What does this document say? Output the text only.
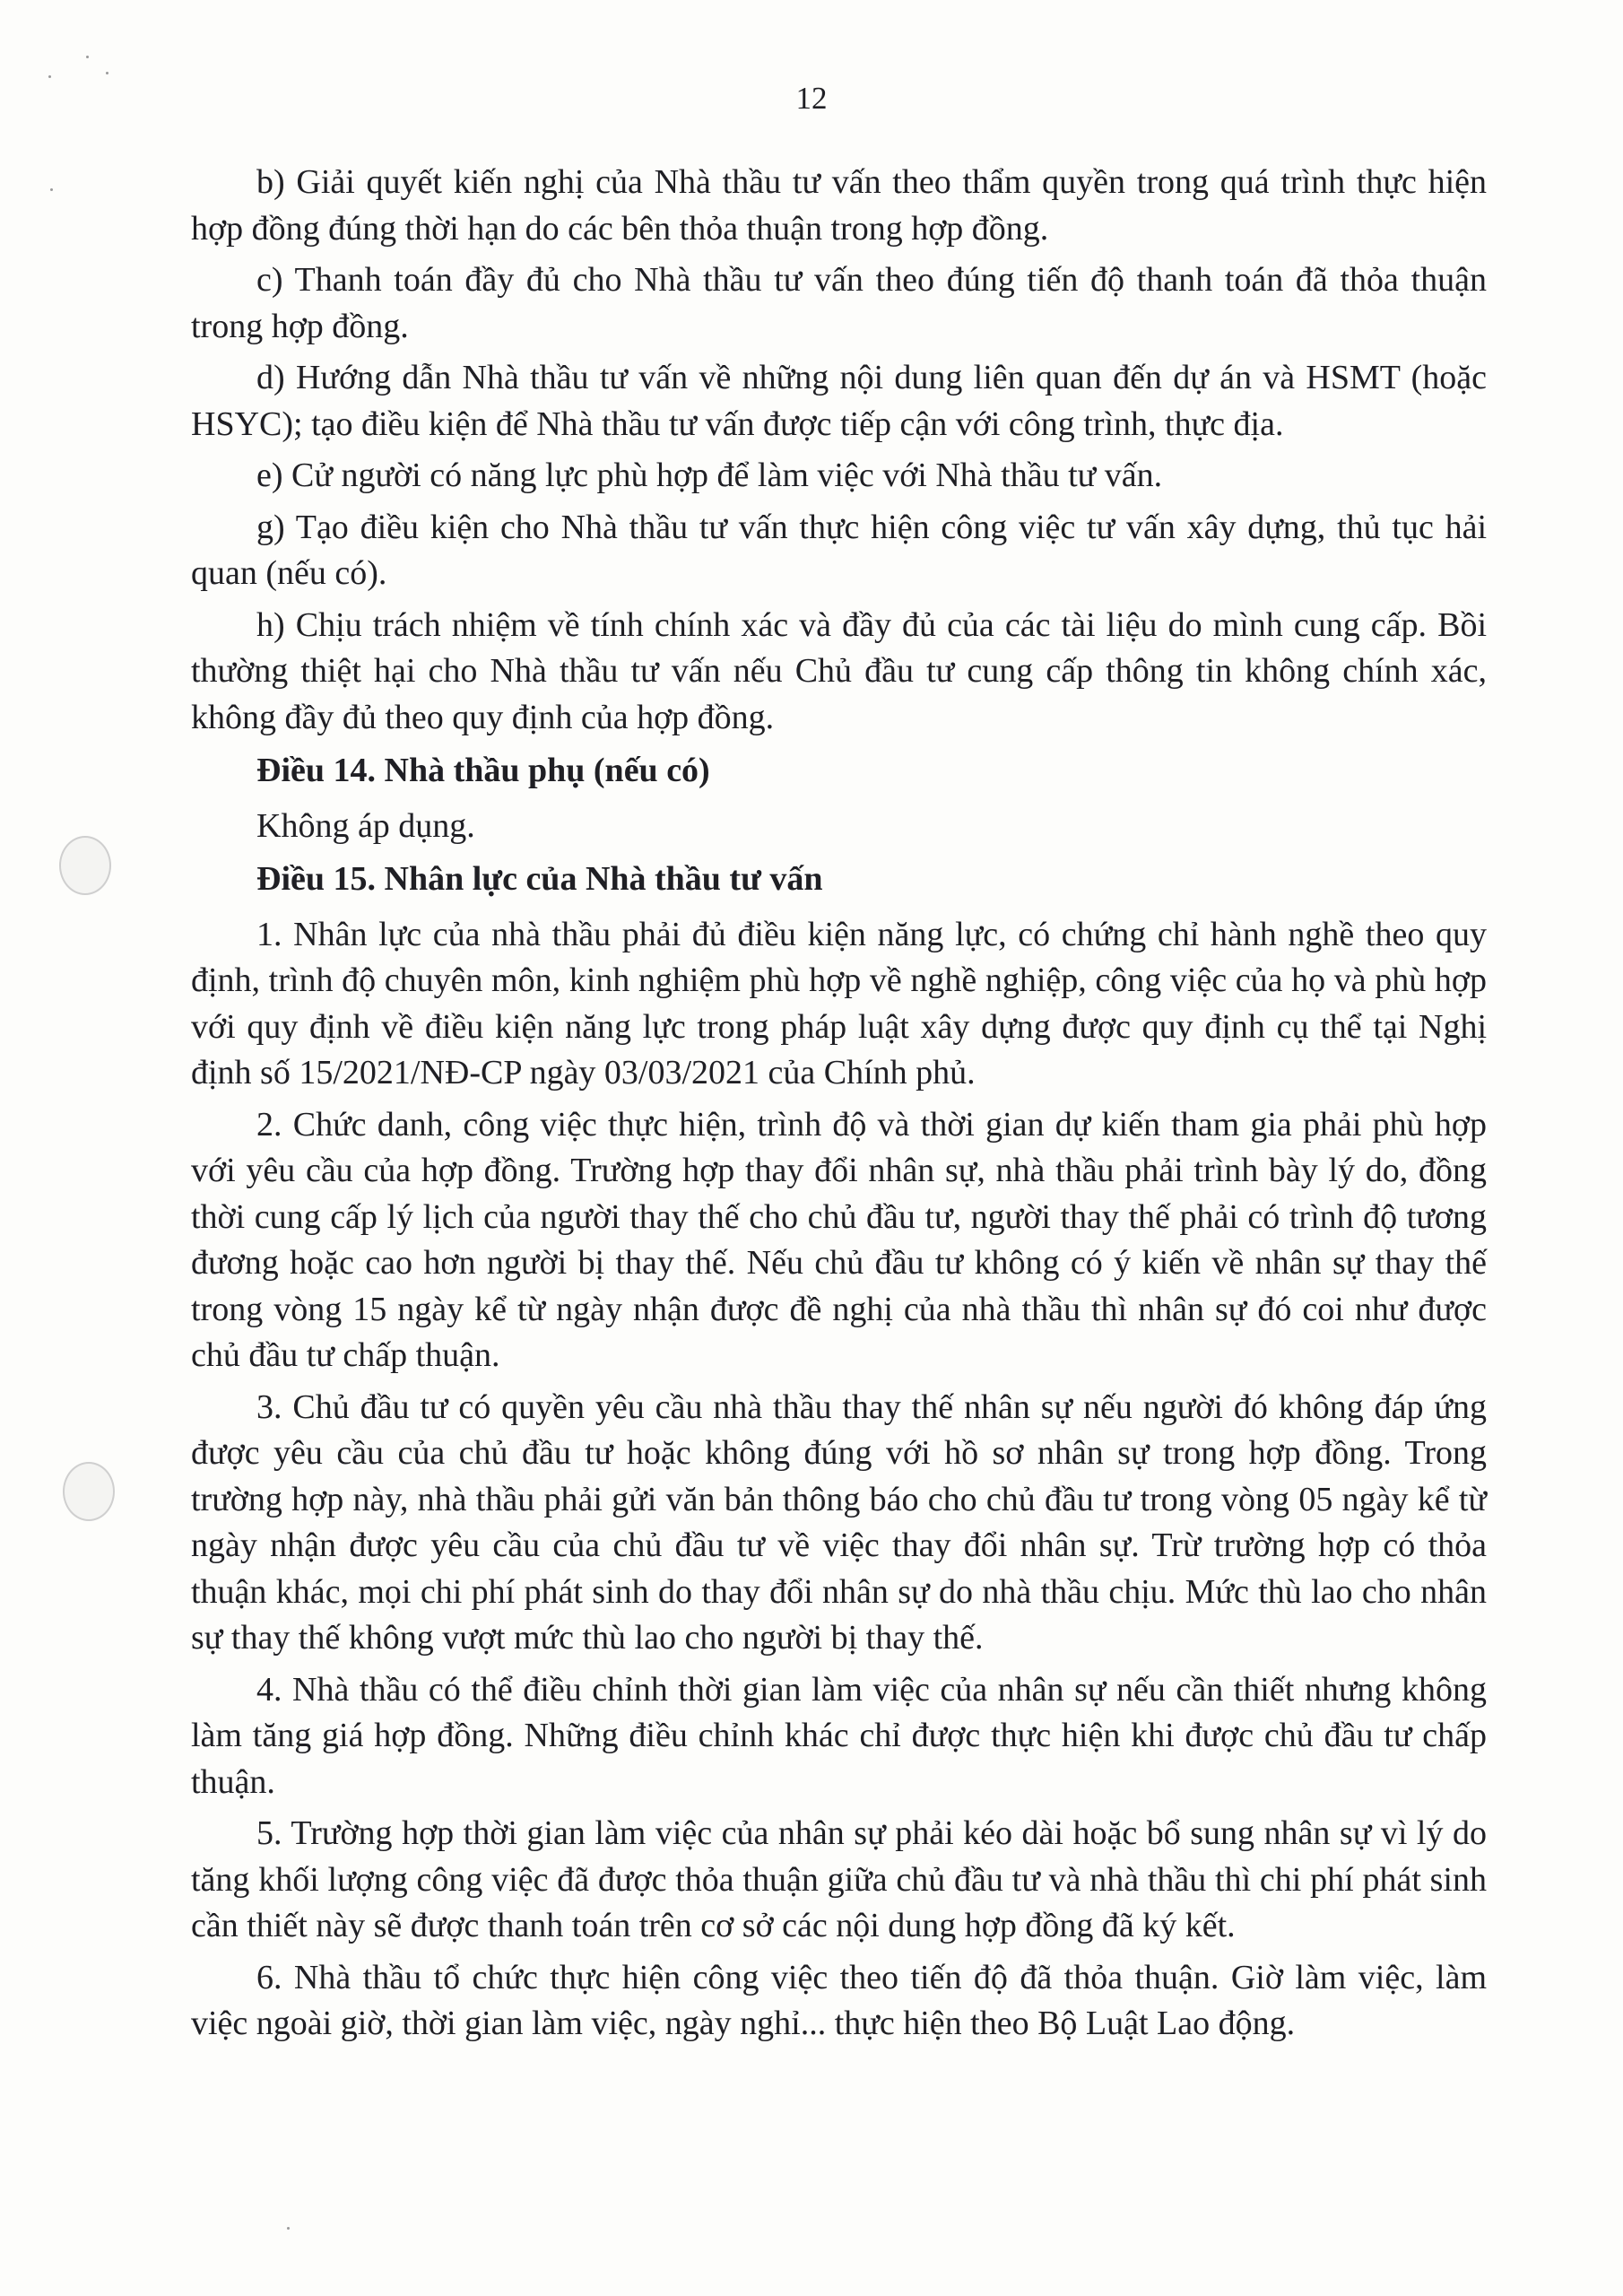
12

b) Giải quyết kiến nghị của Nhà thầu tư vấn theo thẩm quyền trong quá trình thực hiện hợp đồng đúng thời hạn do các bên thỏa thuận trong hợp đồng.

c) Thanh toán đầy đủ cho Nhà thầu tư vấn theo đúng tiến độ thanh toán đã thỏa thuận trong hợp đồng.

d) Hướng dẫn Nhà thầu tư vấn về những nội dung liên quan đến dự án và HSMT (hoặc HSYC); tạo điều kiện để Nhà thầu tư vấn được tiếp cận với công trình, thực địa.

e) Cử người có năng lực phù hợp để làm việc với Nhà thầu tư vấn.

g) Tạo điều kiện cho Nhà thầu tư vấn thực hiện công việc tư vấn xây dựng, thủ tục hải quan (nếu có).

h) Chịu trách nhiệm về tính chính xác và đầy đủ của các tài liệu do mình cung cấp. Bồi thường thiệt hại cho Nhà thầu tư vấn nếu Chủ đầu tư cung cấp thông tin không chính xác, không đầy đủ theo quy định của hợp đồng.

Điều 14. Nhà thầu phụ (nếu có)

Không áp dụng.

Điều 15. Nhân lực của Nhà thầu tư vấn

1. Nhân lực của nhà thầu phải đủ điều kiện năng lực, có chứng chỉ hành nghề theo quy định, trình độ chuyên môn, kinh nghiệm phù hợp về nghề nghiệp, công việc của họ và phù hợp với quy định về điều kiện năng lực trong pháp luật xây dựng được quy định cụ thể tại Nghị định số 15/2021/NĐ-CP ngày 03/03/2021 của Chính phủ.

2. Chức danh, công việc thực hiện, trình độ và thời gian dự kiến tham gia phải phù hợp với yêu cầu của hợp đồng. Trường hợp thay đổi nhân sự, nhà thầu phải trình bày lý do, đồng thời cung cấp lý lịch của người thay thế cho chủ đầu tư, người thay thế phải có trình độ tương đương hoặc cao hơn người bị thay thế. Nếu chủ đầu tư không có ý kiến về nhân sự thay thế trong vòng 15 ngày kể từ ngày nhận được đề nghị của nhà thầu thì nhân sự đó coi như được chủ đầu tư chấp thuận.

3. Chủ đầu tư có quyền yêu cầu nhà thầu thay thế nhân sự nếu người đó không đáp ứng được yêu cầu của chủ đầu tư hoặc không đúng với hồ sơ nhân sự trong hợp đồng. Trong trường hợp này, nhà thầu phải gửi văn bản thông báo cho chủ đầu tư trong vòng 05 ngày kể từ ngày nhận được yêu cầu của chủ đầu tư về việc thay đổi nhân sự. Trừ trường hợp có thỏa thuận khác, mọi chi phí phát sinh do thay đổi nhân sự do nhà thầu chịu. Mức thù lao cho nhân sự thay thế không vượt mức thù lao cho người bị thay thế.

4. Nhà thầu có thể điều chỉnh thời gian làm việc của nhân sự nếu cần thiết nhưng không làm tăng giá hợp đồng. Những điều chỉnh khác chỉ được thực hiện khi được chủ đầu tư chấp thuận.

5. Trường hợp thời gian làm việc của nhân sự phải kéo dài hoặc bổ sung nhân sự vì lý do tăng khối lượng công việc đã được thỏa thuận giữa chủ đầu tư và nhà thầu thì chi phí phát sinh cần thiết này sẽ được thanh toán trên cơ sở các nội dung hợp đồng đã ký kết.

6. Nhà thầu tổ chức thực hiện công việc theo tiến độ đã thỏa thuận. Giờ làm việc, làm việc ngoài giờ, thời gian làm việc, ngày nghỉ... thực hiện theo Bộ Luật Lao động.
